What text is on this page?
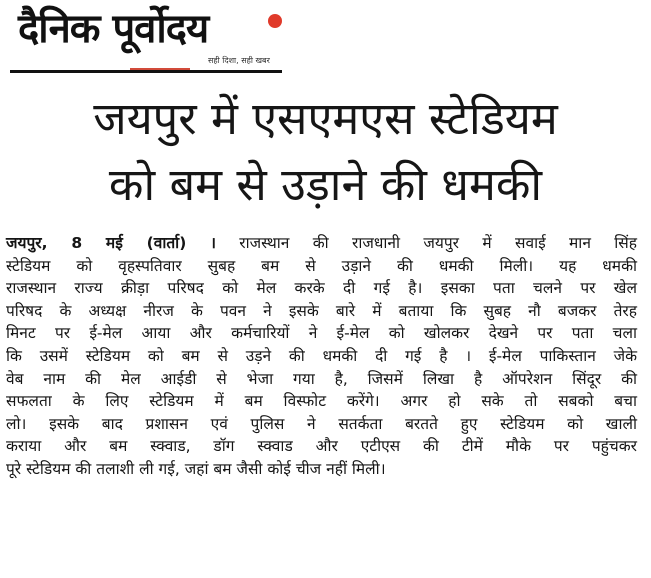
दैनिक पूर्वोदय
सही दिशा, सही खबर
जयपुर में एसएमएस स्टेडियम
को बम से उड़ाने की धमकी
जयपुर, 8 मई (वार्ता) । राजस्थान की राजधानी जयपुर में सवाई मान सिंह
स्टेडियम को वृहस्पतिवार सुबह बम से उड़ाने की धमकी मिली। यह धमकी
राजस्थान राज्य क्रीड़ा परिषद को मेल करके दी गई है। इसका पता चलने पर खेल
परिषद के अध्यक्ष नीरज के पवन ने इसके बारे में बताया कि सुबह नौ बजकर तेरह
मिनट पर ई-मेल आया और कर्मचारियों ने ई-मेल को खोलकर देखने पर पता चला
कि उसमें स्टेडियम को बम से उड़ने की धमकी दी गई है । ई-मेल पाकिस्तान जेके
वेब नाम की मेल आईडी से भेजा गया है, जिसमें लिखा है ऑपरेशन सिंदूर की
सफलता के लिए स्टेडियम में बम विस्फोट करेंगे। अगर हो सके तो सबको बचा
लो। इसके बाद प्रशासन एवं पुलिस ने सतर्कता बरतते हुए स्टेडियम को खाली
कराया और बम स्क्वाड, डॉग स्क्वाड और एटीएस की टीमें मौके पर पहुंचकर
पूरे स्टेडियम की तलाशी ली गई, जहां बम जैसी कोई चीज नहीं मिली।
